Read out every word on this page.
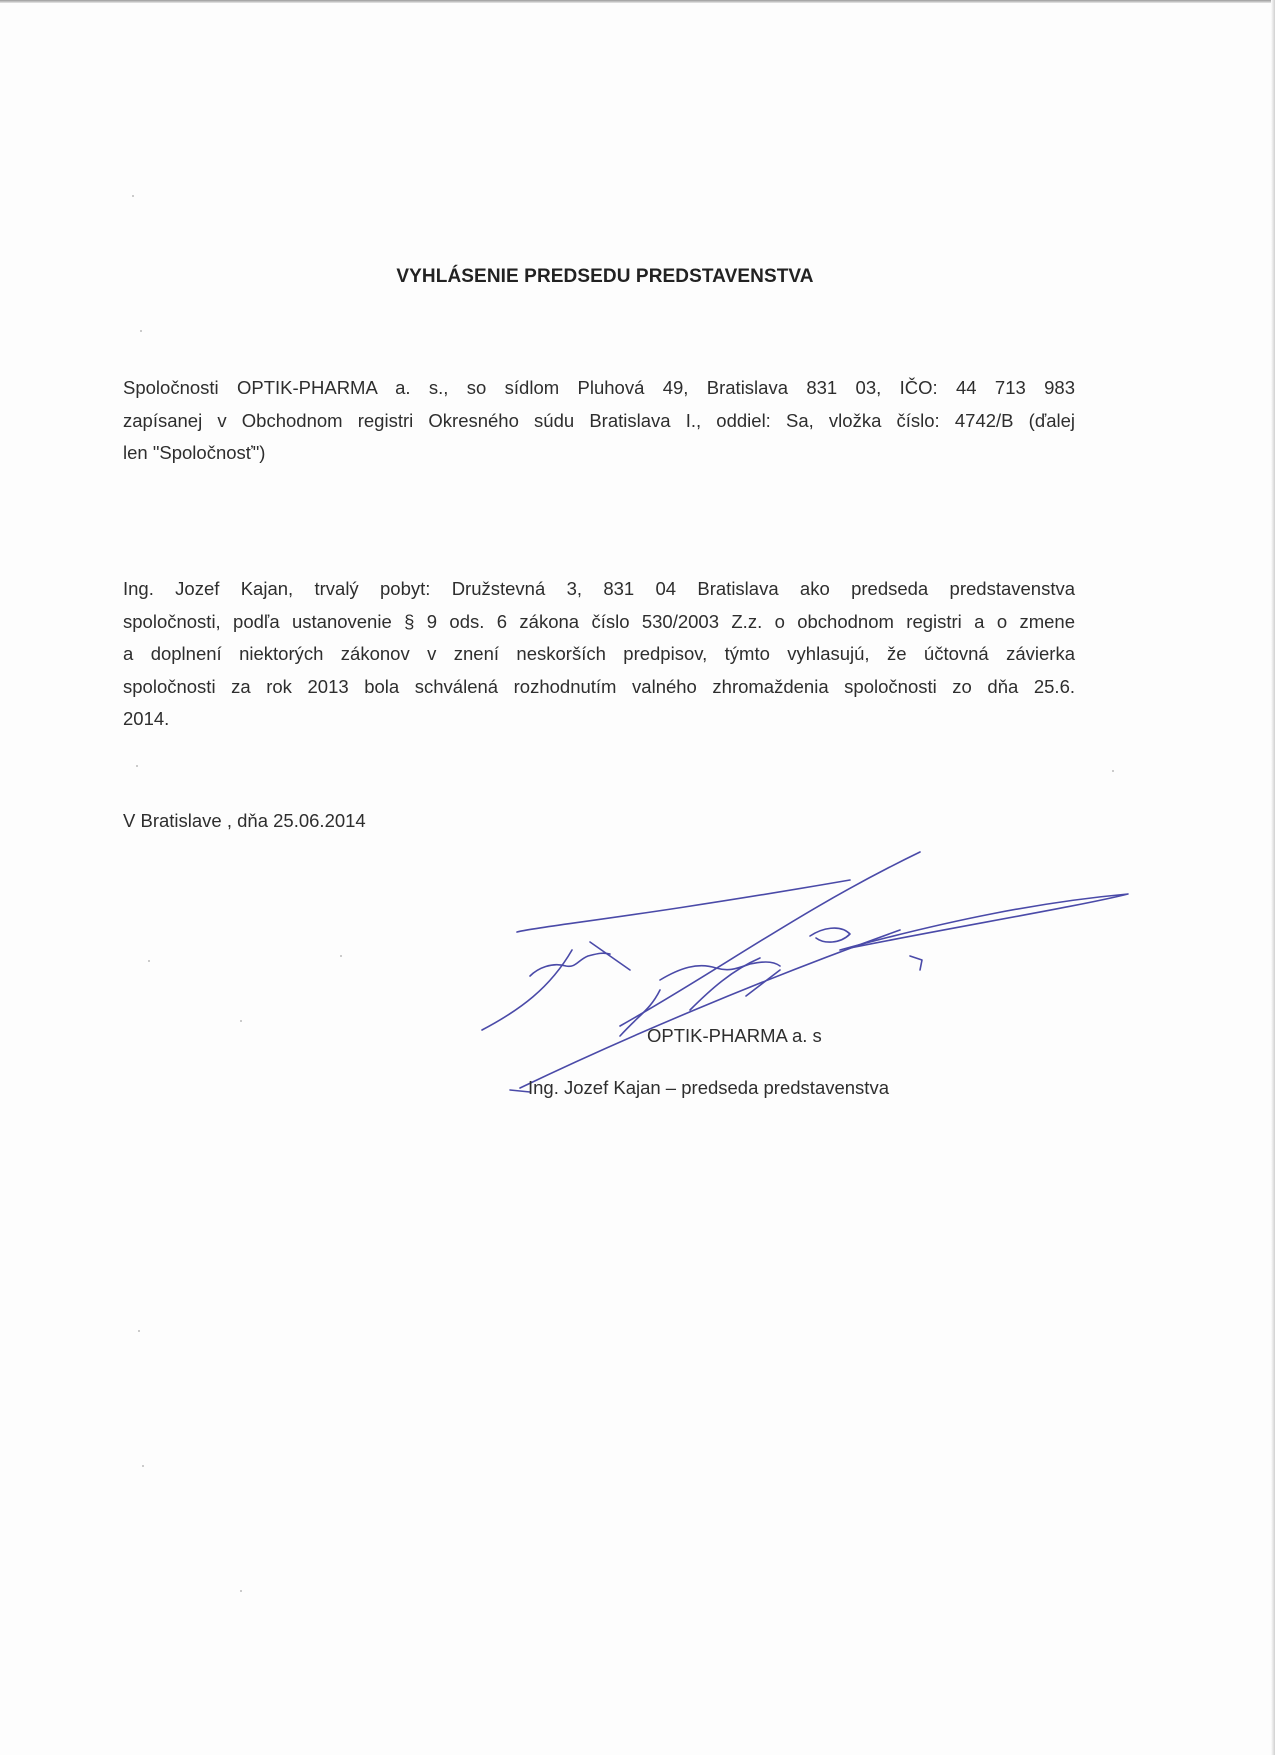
VYHLÁSENIE PREDSEDU PREDSTAVENSTVA

Spoločnosti OPTIK-PHARMA a. s., so sídlom Pluhová 49, Bratislava 831 03, IČO: 44 713 983
zapísanej v Obchodnom registri Okresného súdu Bratislava I., oddiel: Sa, vložka číslo: 4742/B (ďalej
len "Spoločnosť")

Ing. Jozef Kajan, trvalý pobyt: Družstevná 3, 831 04 Bratislava ako predseda predstavenstva
spoločnosti, podľa ustanovenie § 9 ods. 6 zákona číslo 530/2003 Z.z. o obchodnom registri a o zmene
a doplnení niektorých zákonov v znení neskorších predpisov, týmto vyhlasujú, že účtovná závierka
spoločnosti za rok 2013 bola schválená rozhodnutím valného zhromaždenia spoločnosti zo dňa 25.6.
2014.

V Bratislave , dňa 25.06.2014
OPTIK-PHARMA a. s
Ing. Jozef Kajan – predseda predstavenstva
